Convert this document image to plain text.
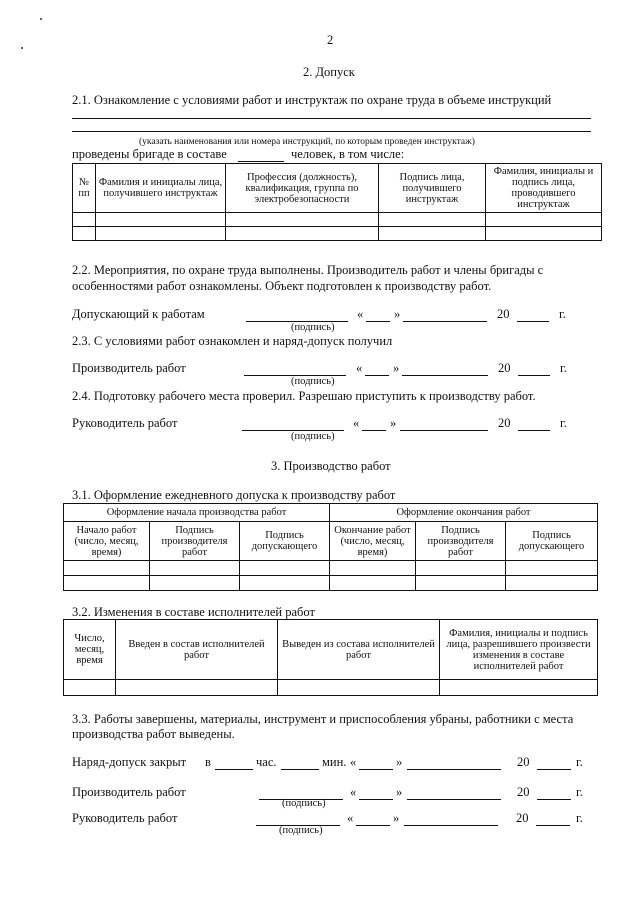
2
2. Допуск
2.1. Ознакомление с условиями работ и инструктаж по охране труда в объеме инструкций
(указать наименования или номера инструкций, по которым проведен инструктаж)
проведены бригаде в составе	человек, в том числе:
№ пп	Фамилия и инициалы лица, получившего инструктаж	Профессия (должность), квалификация, группа по электробезопасности	Подпись лица, получившего инструктаж	Фамилия, инициалы и подпись лица, проводившего инструктаж

2.2. Мероприятия, по охране труда выполнены. Производитель работ и члены бригады с
особенностями работ ознакомлены. Объект подготовлен к производству работ.
Допускающий к работам	« »	20	г.
(подпись)
2.3. С условиями работ ознакомлен и наряд-допуск получил
Производитель работ	« »	20	г.
(подпись)
2.4. Подготовку рабочего места проверил. Разрешаю приступить к производству работ.
Руководитель работ	« »	20	г.
(подпись)
3. Производство работ
3.1. Оформление ежедневного допуска к производству работ
Оформление начала производства работ			Оформление окончания работ		
Начало работ (число, месяц, время)	Подпись производителя работ	Подпись допускающего	Окончание работ (число, месяц, время)	Подпись производителя работ	Подпись допускающего

3.2. Изменения в составе исполнителей работ
Число, месяц, время	Введен в состав исполнителей работ	Выведен из состава исполнителей работ	Фамилия, инициалы и подпись лица, разрешившего произвести изменения в составе исполнителей работ

3.3. Работы завершены, материалы, инструмент и приспособления убраны, работники с места
производства работ выведены.
Наряд-допуск закрыт в	час.	мин. «	»	20	г.
Производитель работ	«	»	20	г.
(подпись)
Руководитель работ	«	»	20	г.
(подпись)
